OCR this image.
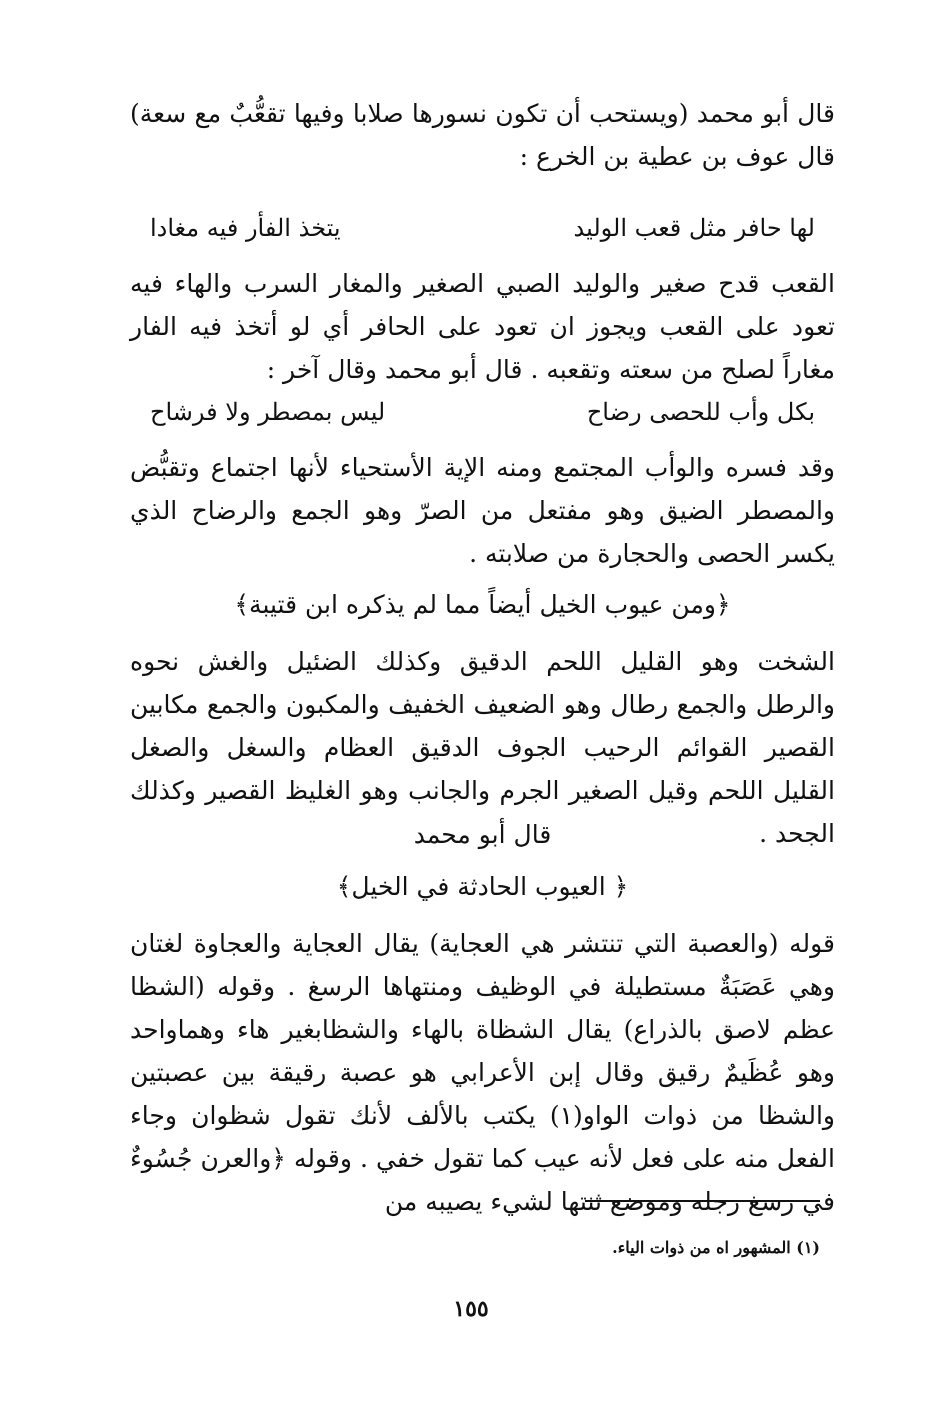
قال أبو محمد (ويستحب أن تكون نسورها صلابا وفيها تقعُّبٌ مع سعة) قال عوف بن عطية بن الخرع :

لها حافر مثل قعب الوليد
يتخذ الفأر فيه مغادا

القعب قدح صغير والوليد الصبي الصغير والمغار السرب والهاء فيه تعود على القعب ويجوز ان تعود على الحافر أي لو أتخذ فيه الفار مغاراً لصلح من سعته وتقعبه . قال أبو محمد وقال آخر :

بكل وأب للحصى رضاح
ليس بمصطر ولا فرشاح

وقد فسره والوأب المجتمع ومنه الإية الأستحياء لأنها اجتماع وتقبُّض والمصطر الضيق وهو مفتعل من الصرّ وهو الجمع والرضاح الذي يكسر الحصى والحجارة من صلابته .

﴿ومن عيوب الخيل أيضاً مما لم يذكره ابن قتيبة﴾

الشخت وهو القليل اللحم الدقيق وكذلك الضئيل والغش نحوه والرطل والجمع رطال وهو الضعيف الخفيف والمكبون والجمع مكابين القصير القوائم الرحيب الجوف الدقيق العظام والسغل والصغل القليل اللحم وقيل الصغير الجرم والجانب وهو الغليظ القصير وكذلك الجحد .

قال أبو محمد
﴿ العيوب الحادثة في الخيل﴾

قوله (والعصبة التي تنتشر هي العجاية) يقال العجاية والعجاوة لغتان وهي عَصَبَةٌ مستطيلة في الوظيف ومنتهاها الرسغ . وقوله (الشظا عظم لاصق بالذراع) يقال الشظاة بالهاء والشظابغير هاء وهماواحد وهو عُظَيمٌ رقيق وقال إبن الأعرابي هو عصبة رقيقة بين عصبتين والشظا من ذوات الواو(١) يكتب بالألف لأنك تقول شظوان وجاء الفعل منه على فعل لأنه عيب كما تقول خفي . وقوله ﴿والعرن جُسُوءٌ في رسغ رجله وموضع ثنتها لشيء يصيبه من

(١) المشهور اه من ذوات الياء.
١٥٥
